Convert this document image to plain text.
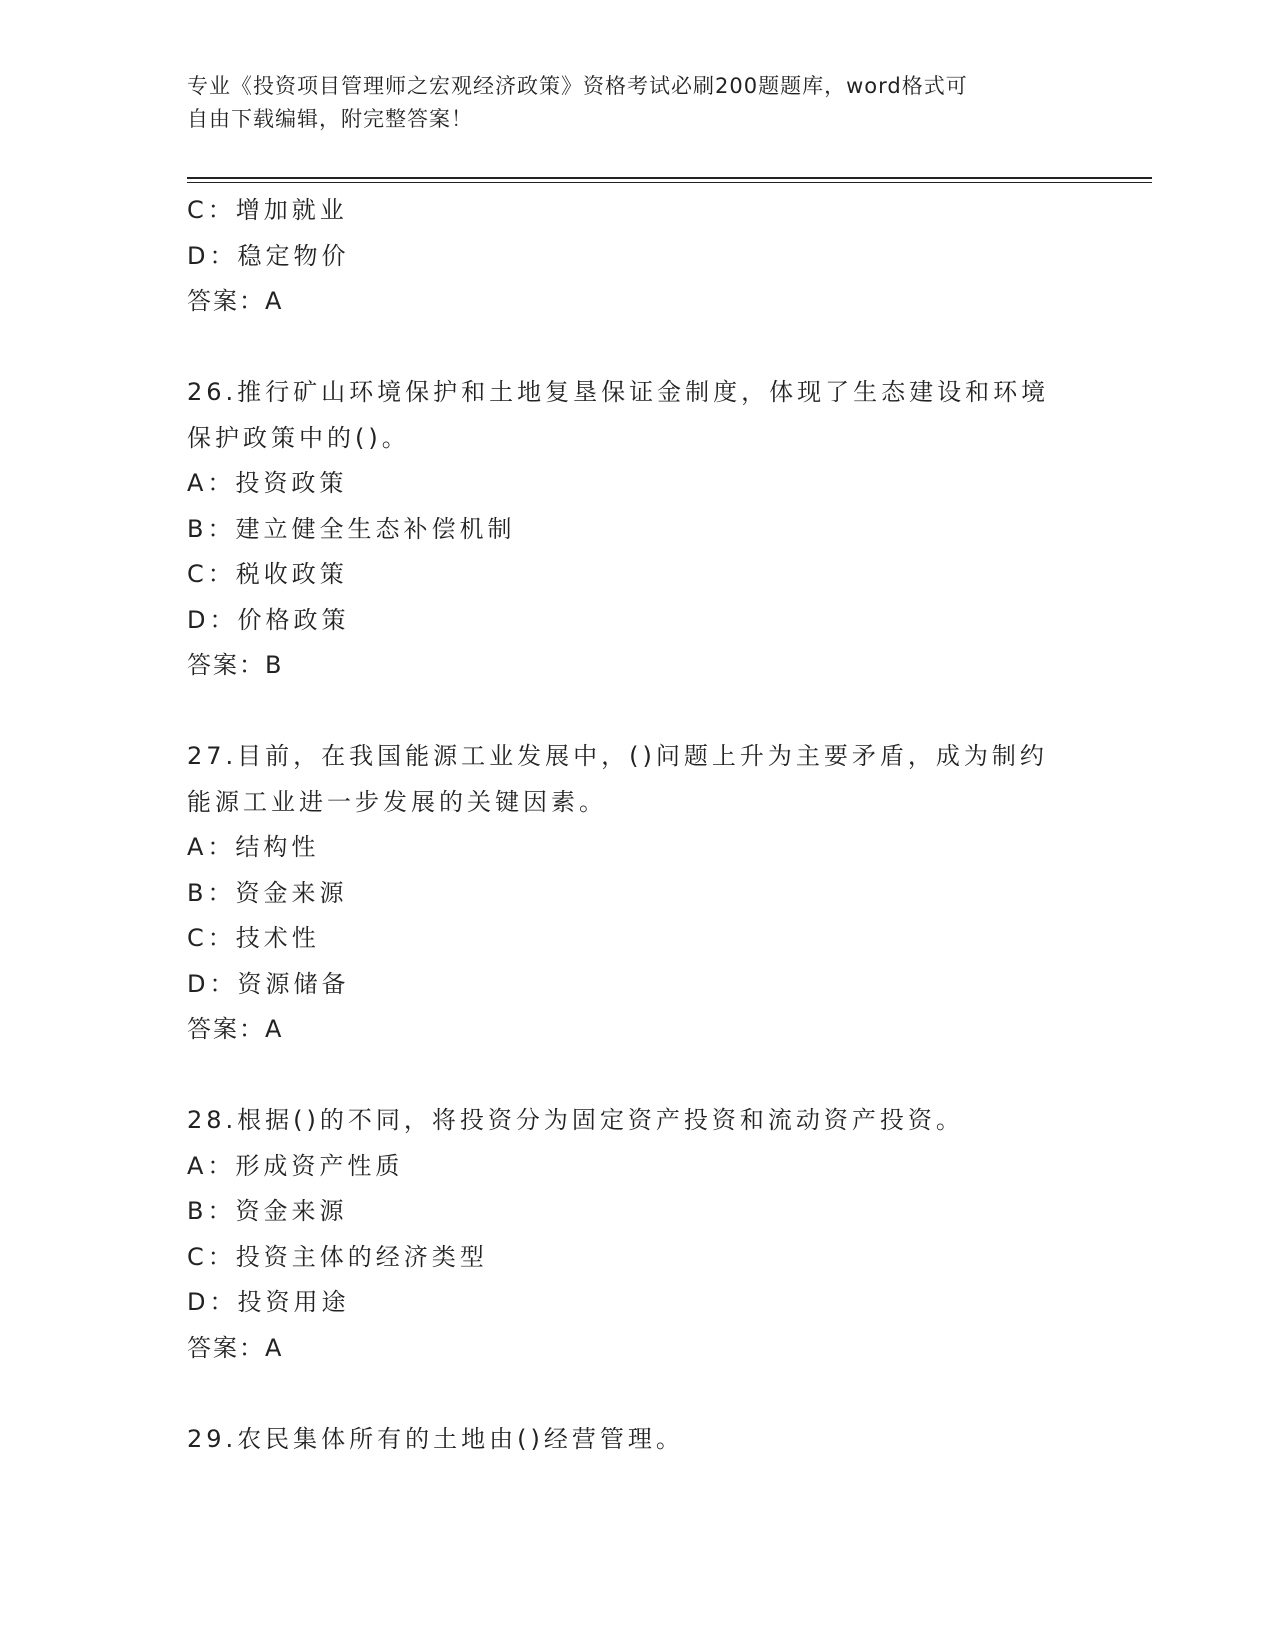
专业《投资项目管理师之宏观经济政策》资格考试必刷200题题库，word格式可
自由下载编辑，附完整答案！
C：增加就业
D：稳定物价
答案：A
26.推行矿山环境保护和土地复垦保证金制度，体现了生态建设和环境
保护政策中的()。
A：投资政策
B：建立健全生态补偿机制
C：税收政策
D：价格政策
答案：B
27.目前，在我国能源工业发展中，()问题上升为主要矛盾，成为制约
能源工业进一步发展的关键因素。
A：结构性
B：资金来源
C：技术性
D：资源储备
答案：A
28.根据()的不同，将投资分为固定资产投资和流动资产投资。
A：形成资产性质
B：资金来源
C：投资主体的经济类型
D：投资用途
答案：A
29.农民集体所有的土地由()经营管理。
